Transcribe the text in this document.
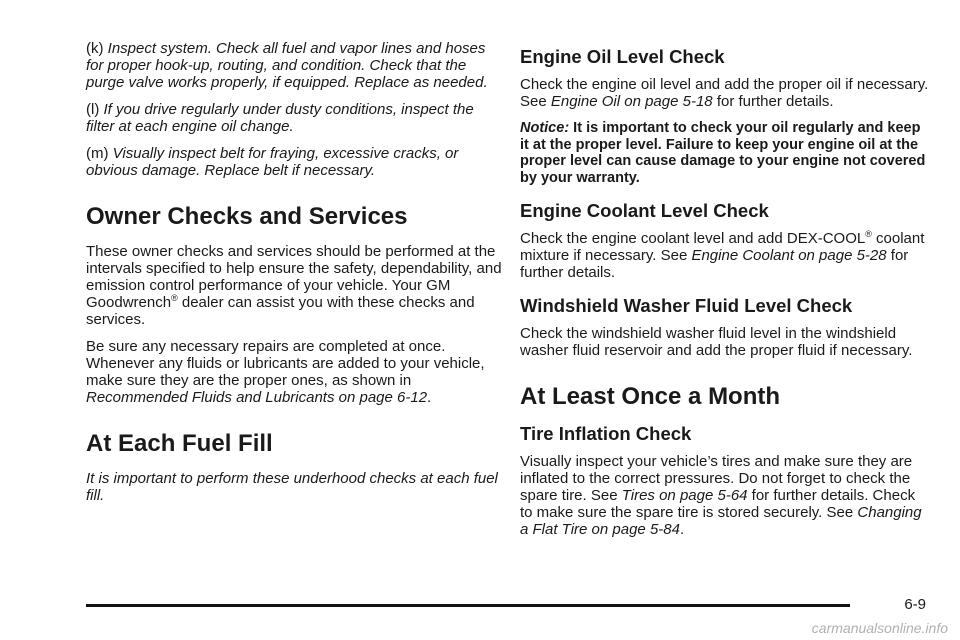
(k) Inspect system. Check all fuel and vapor lines and hoses for proper hook-up, routing, and condition. Check that the purge valve works properly, if equipped. Replace as needed.

(l) If you drive regularly under dusty conditions, inspect the filter at each engine oil change.

(m) Visually inspect belt for fraying, excessive cracks, or obvious damage. Replace belt if necessary.

Owner Checks and Services

These owner checks and services should be performed at the intervals specified to help ensure the safety, dependability, and emission control performance of your vehicle. Your GM Goodwrench® dealer can assist you with these checks and services.

Be sure any necessary repairs are completed at once. Whenever any fluids or lubricants are added to your vehicle, make sure they are the proper ones, as shown in Recommended Fluids and Lubricants on page 6-12.

At Each Fuel Fill

It is important to perform these underhood checks at each fuel fill.

Engine Oil Level Check

Check the engine oil level and add the proper oil if necessary. See Engine Oil on page 5-18 for further details.

Notice: It is important to check your oil regularly and keep it at the proper level. Failure to keep your engine oil at the proper level can cause damage to your engine not covered by your warranty.

Engine Coolant Level Check

Check the engine coolant level and add DEX-COOL® coolant mixture if necessary. See Engine Coolant on page 5-28 for further details.

Windshield Washer Fluid Level Check

Check the windshield washer fluid level in the windshield washer fluid reservoir and add the proper fluid if necessary.

At Least Once a Month
Tire Inflation Check

Visually inspect your vehicle’s tires and make sure they are inflated to the correct pressures. Do not forget to check the spare tire. See Tires on page 5-64 for further details. Check to make sure the spare tire is stored securely. See Changing a Flat Tire on page 5-84.

6-9
carmanualsonline.info
